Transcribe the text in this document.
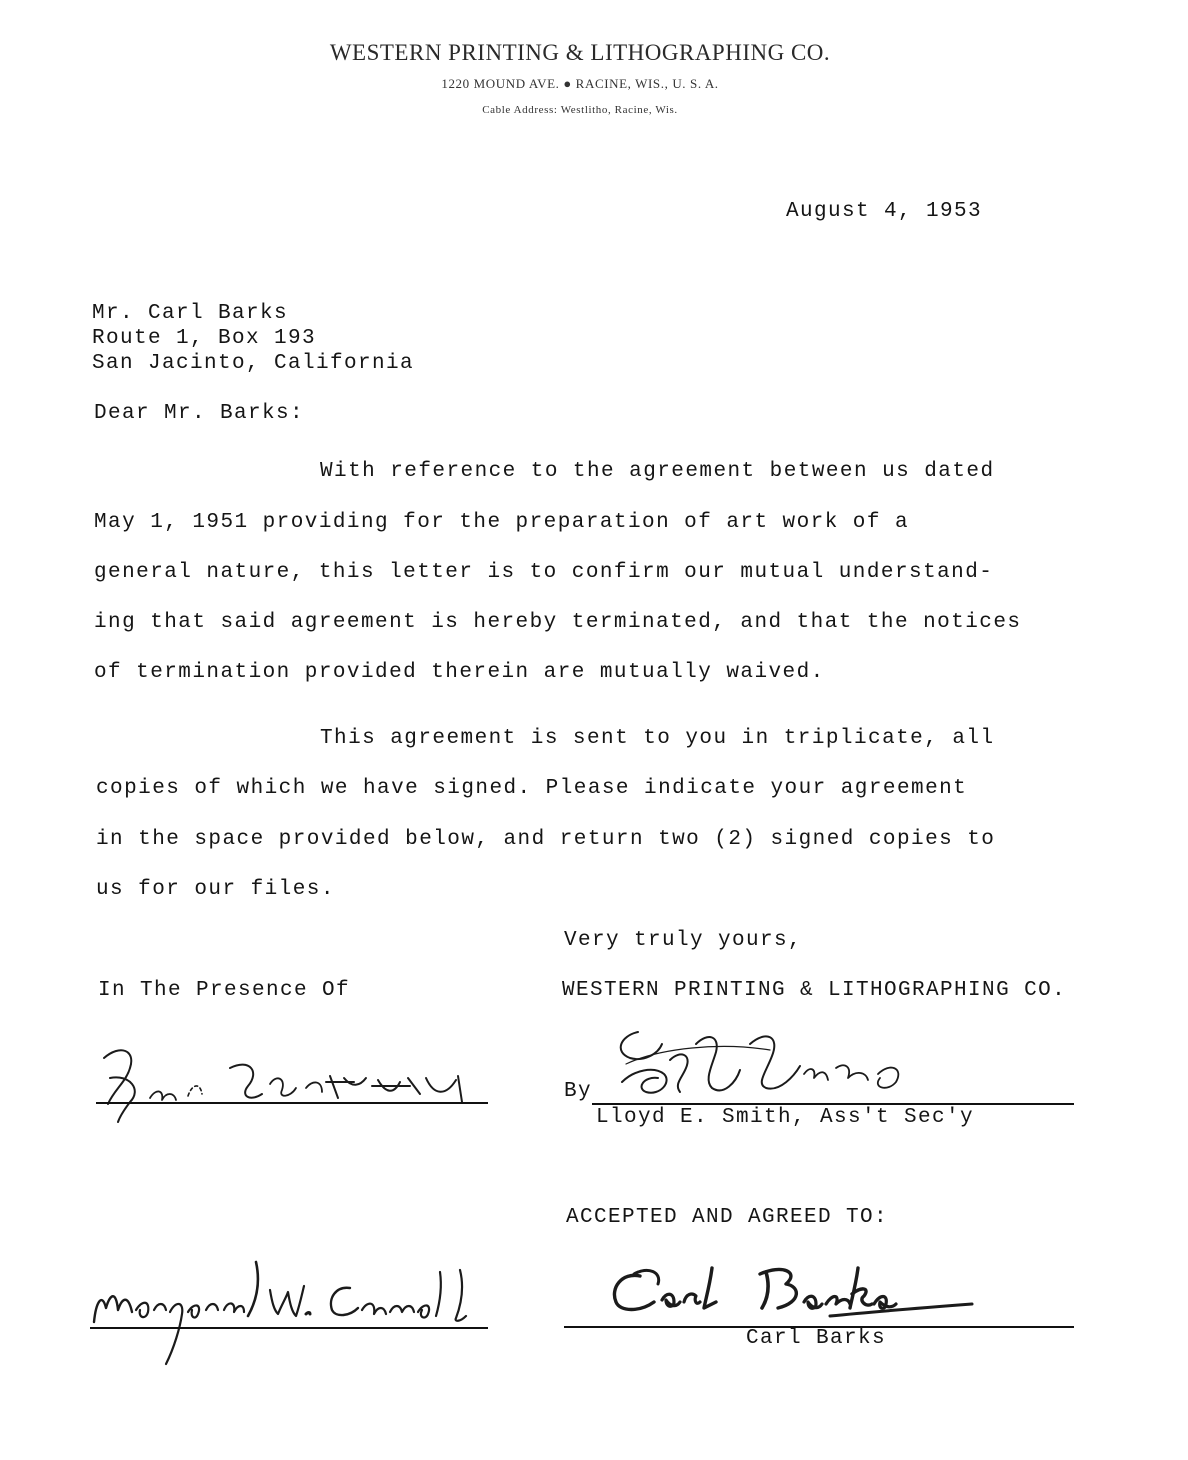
WESTERN PRINTING & LITHOGRAPHING CO.
1220 MOUND AVE. ● RACINE, WIS., U. S. A.
Cable Address: Westlitho, Racine, Wis.
August 4, 1953
Mr. Carl Barks
Route 1, Box 193
San Jacinto, California
Dear Mr. Barks:
With reference to the agreement between us dated
May 1, 1951 providing for the preparation of art work of a
general nature, this letter is to confirm our mutual understand-
ing that said agreement is hereby terminated, and that the notices
of termination provided therein are mutually waived.
This agreement is sent to you in triplicate, all
copies of which we have signed. Please indicate your agreement
in the space provided below, and return two (2) signed copies to
us for our files.
Very truly yours,
In The Presence Of	WESTERN PRINTING & LITHOGRAPHING CO.
By
Lloyd E. Smith, Ass't Sec'y
ACCEPTED AND AGREED TO:
Carl Barks
